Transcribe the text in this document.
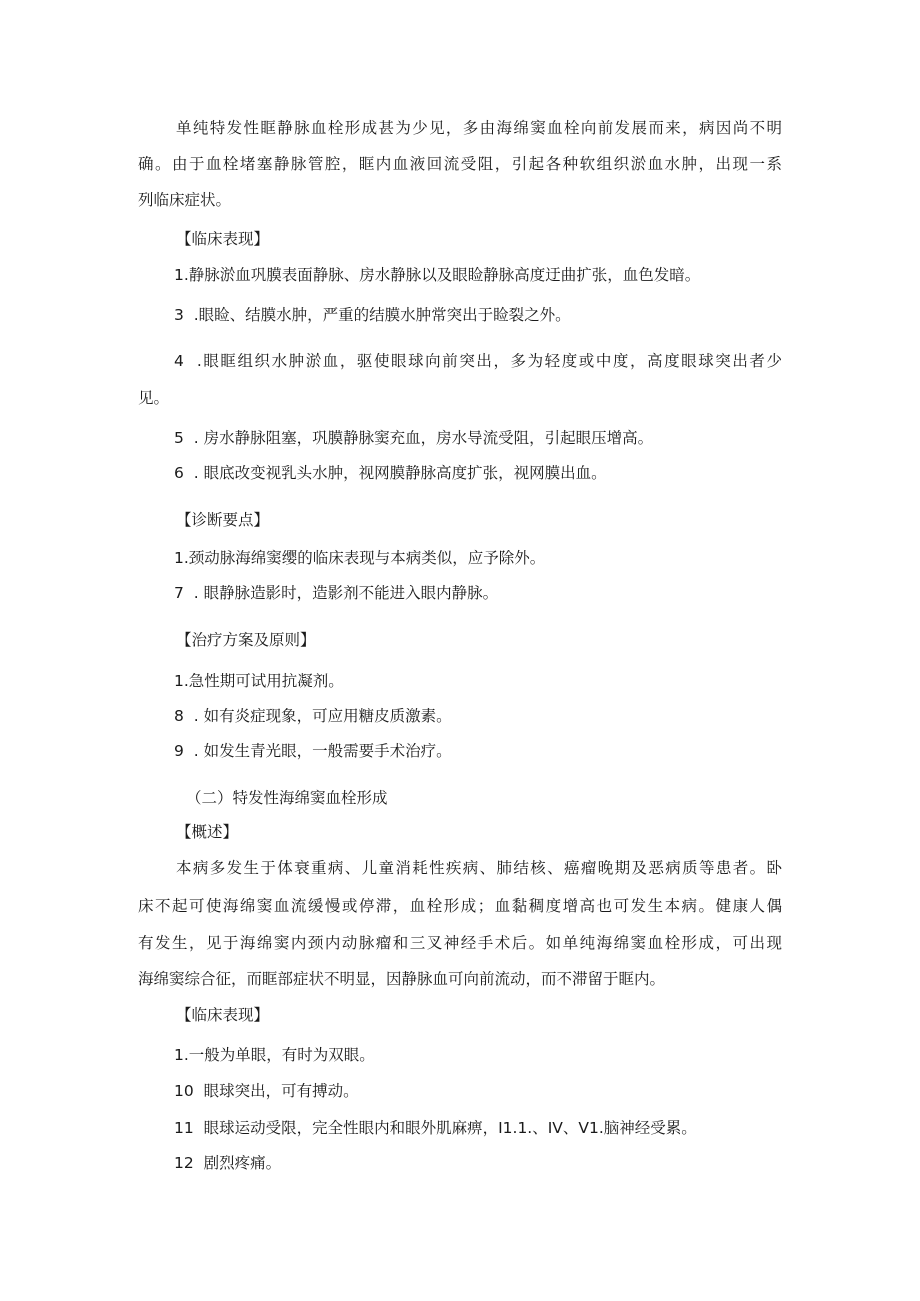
单纯特发性眶静脉血栓形成甚为少见，多由海绵窦血栓向前发展而来，病因尚不明
确。由于血栓堵塞静脉管腔，眶内血液回流受阻，引起各种软组织淤血水肿，出现一系
列临床症状。
【临床表现】
1.静脉淤血巩膜表面静脉、房水静脉以及眼睑静脉高度迂曲扩张，血色发暗。
3  .眼睑、结膜水肿，严重的结膜水肿常突出于睑裂之外。
4  .眼眶组织水肿淤血，驱使眼球向前突出，多为轻度或中度，高度眼球突出者少
见。
5  . 房水静脉阻塞，巩膜静脉窦充血，房水导流受阻，引起眼压增高。
6  . 眼底改变视乳头水肿，视网膜静脉高度扩张，视网膜出血。
【诊断要点】
1.颈动脉海绵窦缨的临床表现与本病类似，应予除外。
7  . 眼静脉造影时，造影剂不能进入眼内静脉。
【治疗方案及原则】
1.急性期可试用抗凝剂。
8  . 如有炎症现象，可应用糖皮质激素。
9  . 如发生青光眼，一般需要手术治疗。
（二）特发性海绵窦血栓形成
【概述】
本病多发生于体衰重病、儿童消耗性疾病、肺结核、癌瘤晚期及恶病质等患者。卧
床不起可使海绵窦血流缓慢或停滞，血栓形成；血黏稠度增高也可发生本病。健康人偶
有发生，见于海绵窦内颈内动脉瘤和三叉神经手术后。如单纯海绵窦血栓形成，可出现
海绵窦综合征，而眶部症状不明显，因静脉血可向前流动，而不滞留于眶内。
【临床表现】
1.一般为单眼，有时为双眼。
10  眼球突出，可有搏动。
11  眼球运动受限，完全性眼内和眼外肌麻痹，I1.1.、IV、V1.脑神经受累。
12  剧烈疼痛。
